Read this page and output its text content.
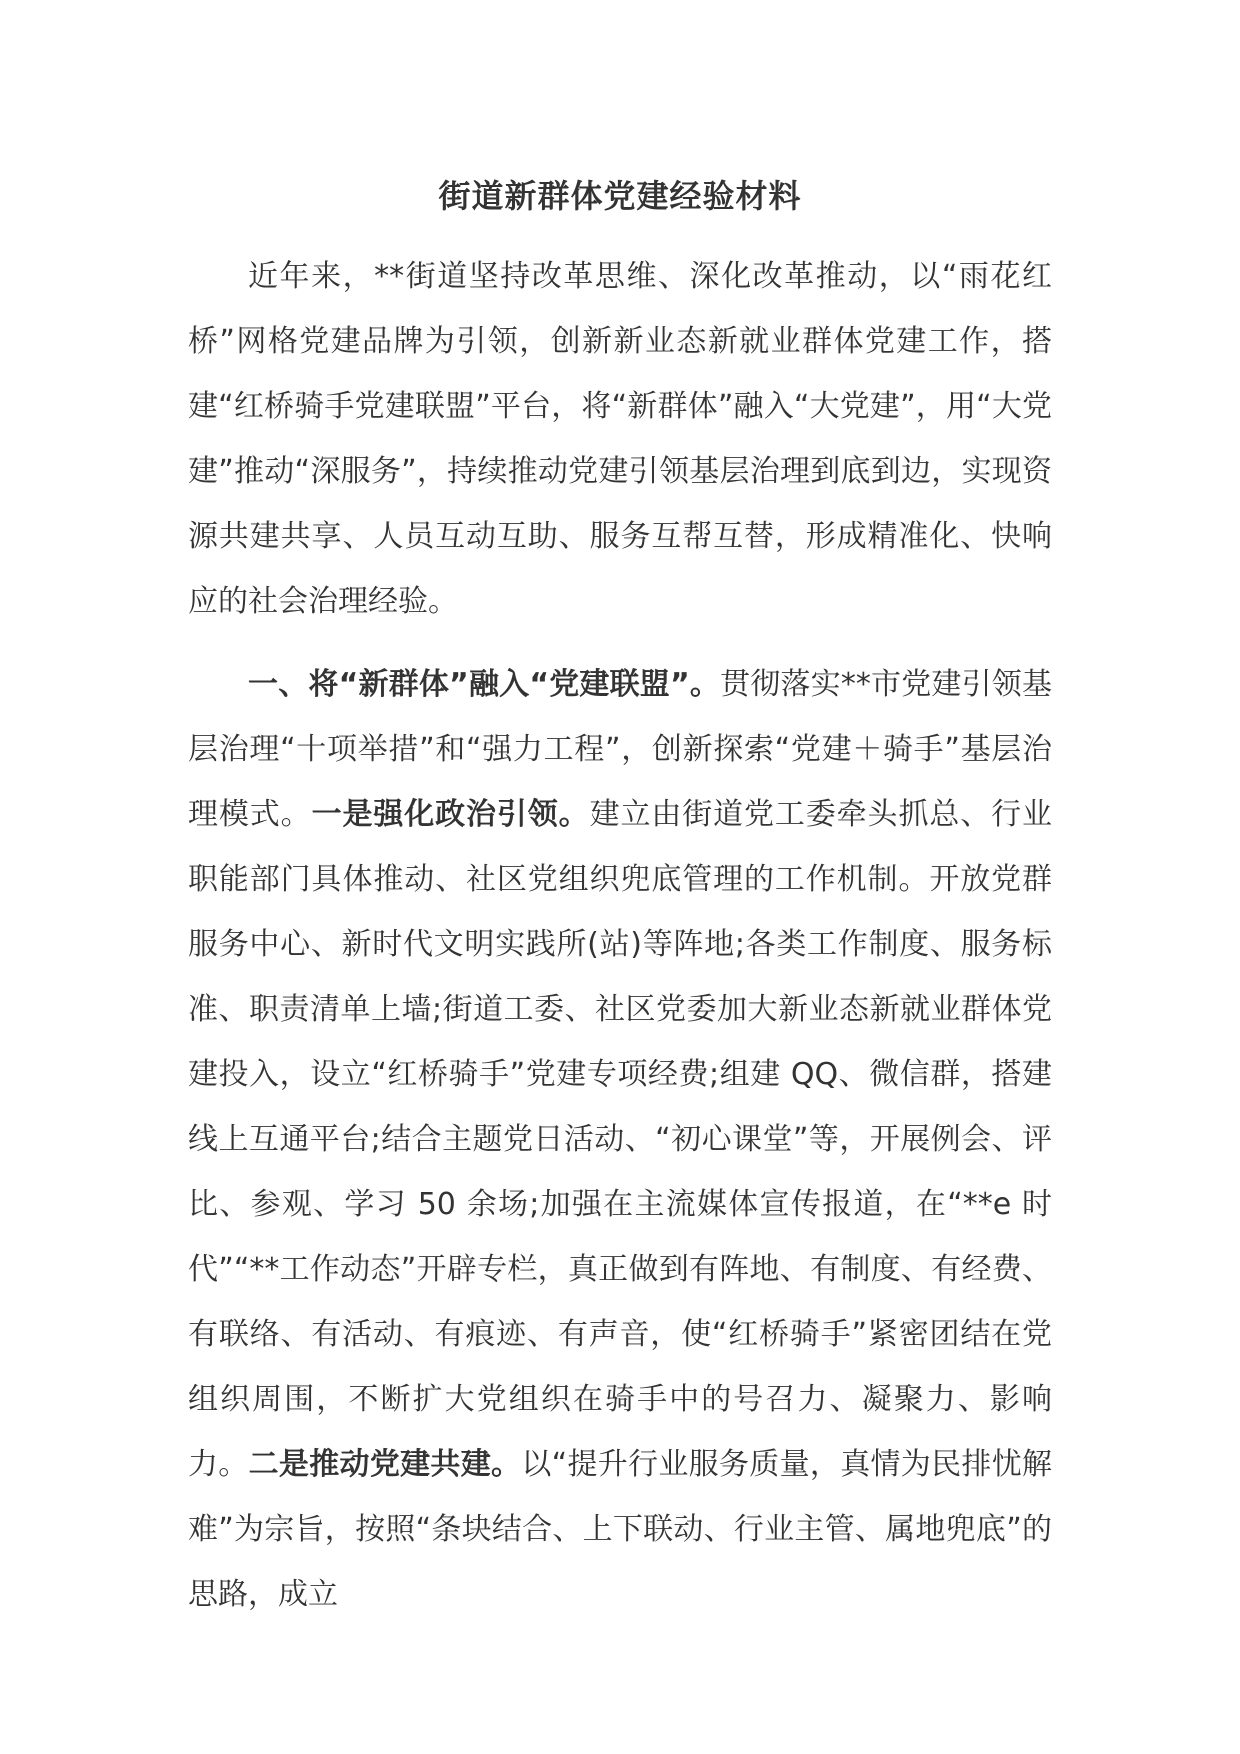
街道新群体党建经验材料

近年来，**街道坚持改革思维、深化改革推动，以“雨花红桥”网格党建品牌为引领，创新新业态新就业群体党建工作，搭建“红桥骑手党建联盟”平台，将“新群体”融入“大党建”，用“大党建”推动“深服务”，持续推动党建引领基层治理到底到边，实现资源共建共享、人员互动互助、服务互帮互替，形成精准化、快响应的社会治理经验。

一、将“新群体”融入“党建联盟”。贯彻落实**市党建引领基层治理“十项举措”和“强力工程”，创新探索“党建＋骑手”基层治理模式。一是强化政治引领。建立由街道党工委牵头抓总、行业职能部门具体推动、社区党组织兜底管理的工作机制。开放党群服务中心、新时代文明实践所(站)等阵地;各类工作制度、服务标准、职责清单上墙;街道工委、社区党委加大新业态新就业群体党建投入，设立“红桥骑手”党建专项经费;组建 QQ、微信群，搭建线上互通平台;结合主题党日活动、“初心课堂”等，开展例会、评比、参观、学习 50 余场;加强在主流媒体宣传报道，在“**e 时代”“**工作动态”开辟专栏，真正做到有阵地、有制度、有经费、有联络、有活动、有痕迹、有声音，使“红桥骑手”紧密团结在党组织周围，不断扩大党组织在骑手中的号召力、凝聚力、影响力。二是推动党建共建。以“提升行业服务质量，真情为民排忧解难”为宗旨，按照“条块结合、上下联动、行业主管、属地兜底”的思路，成立
